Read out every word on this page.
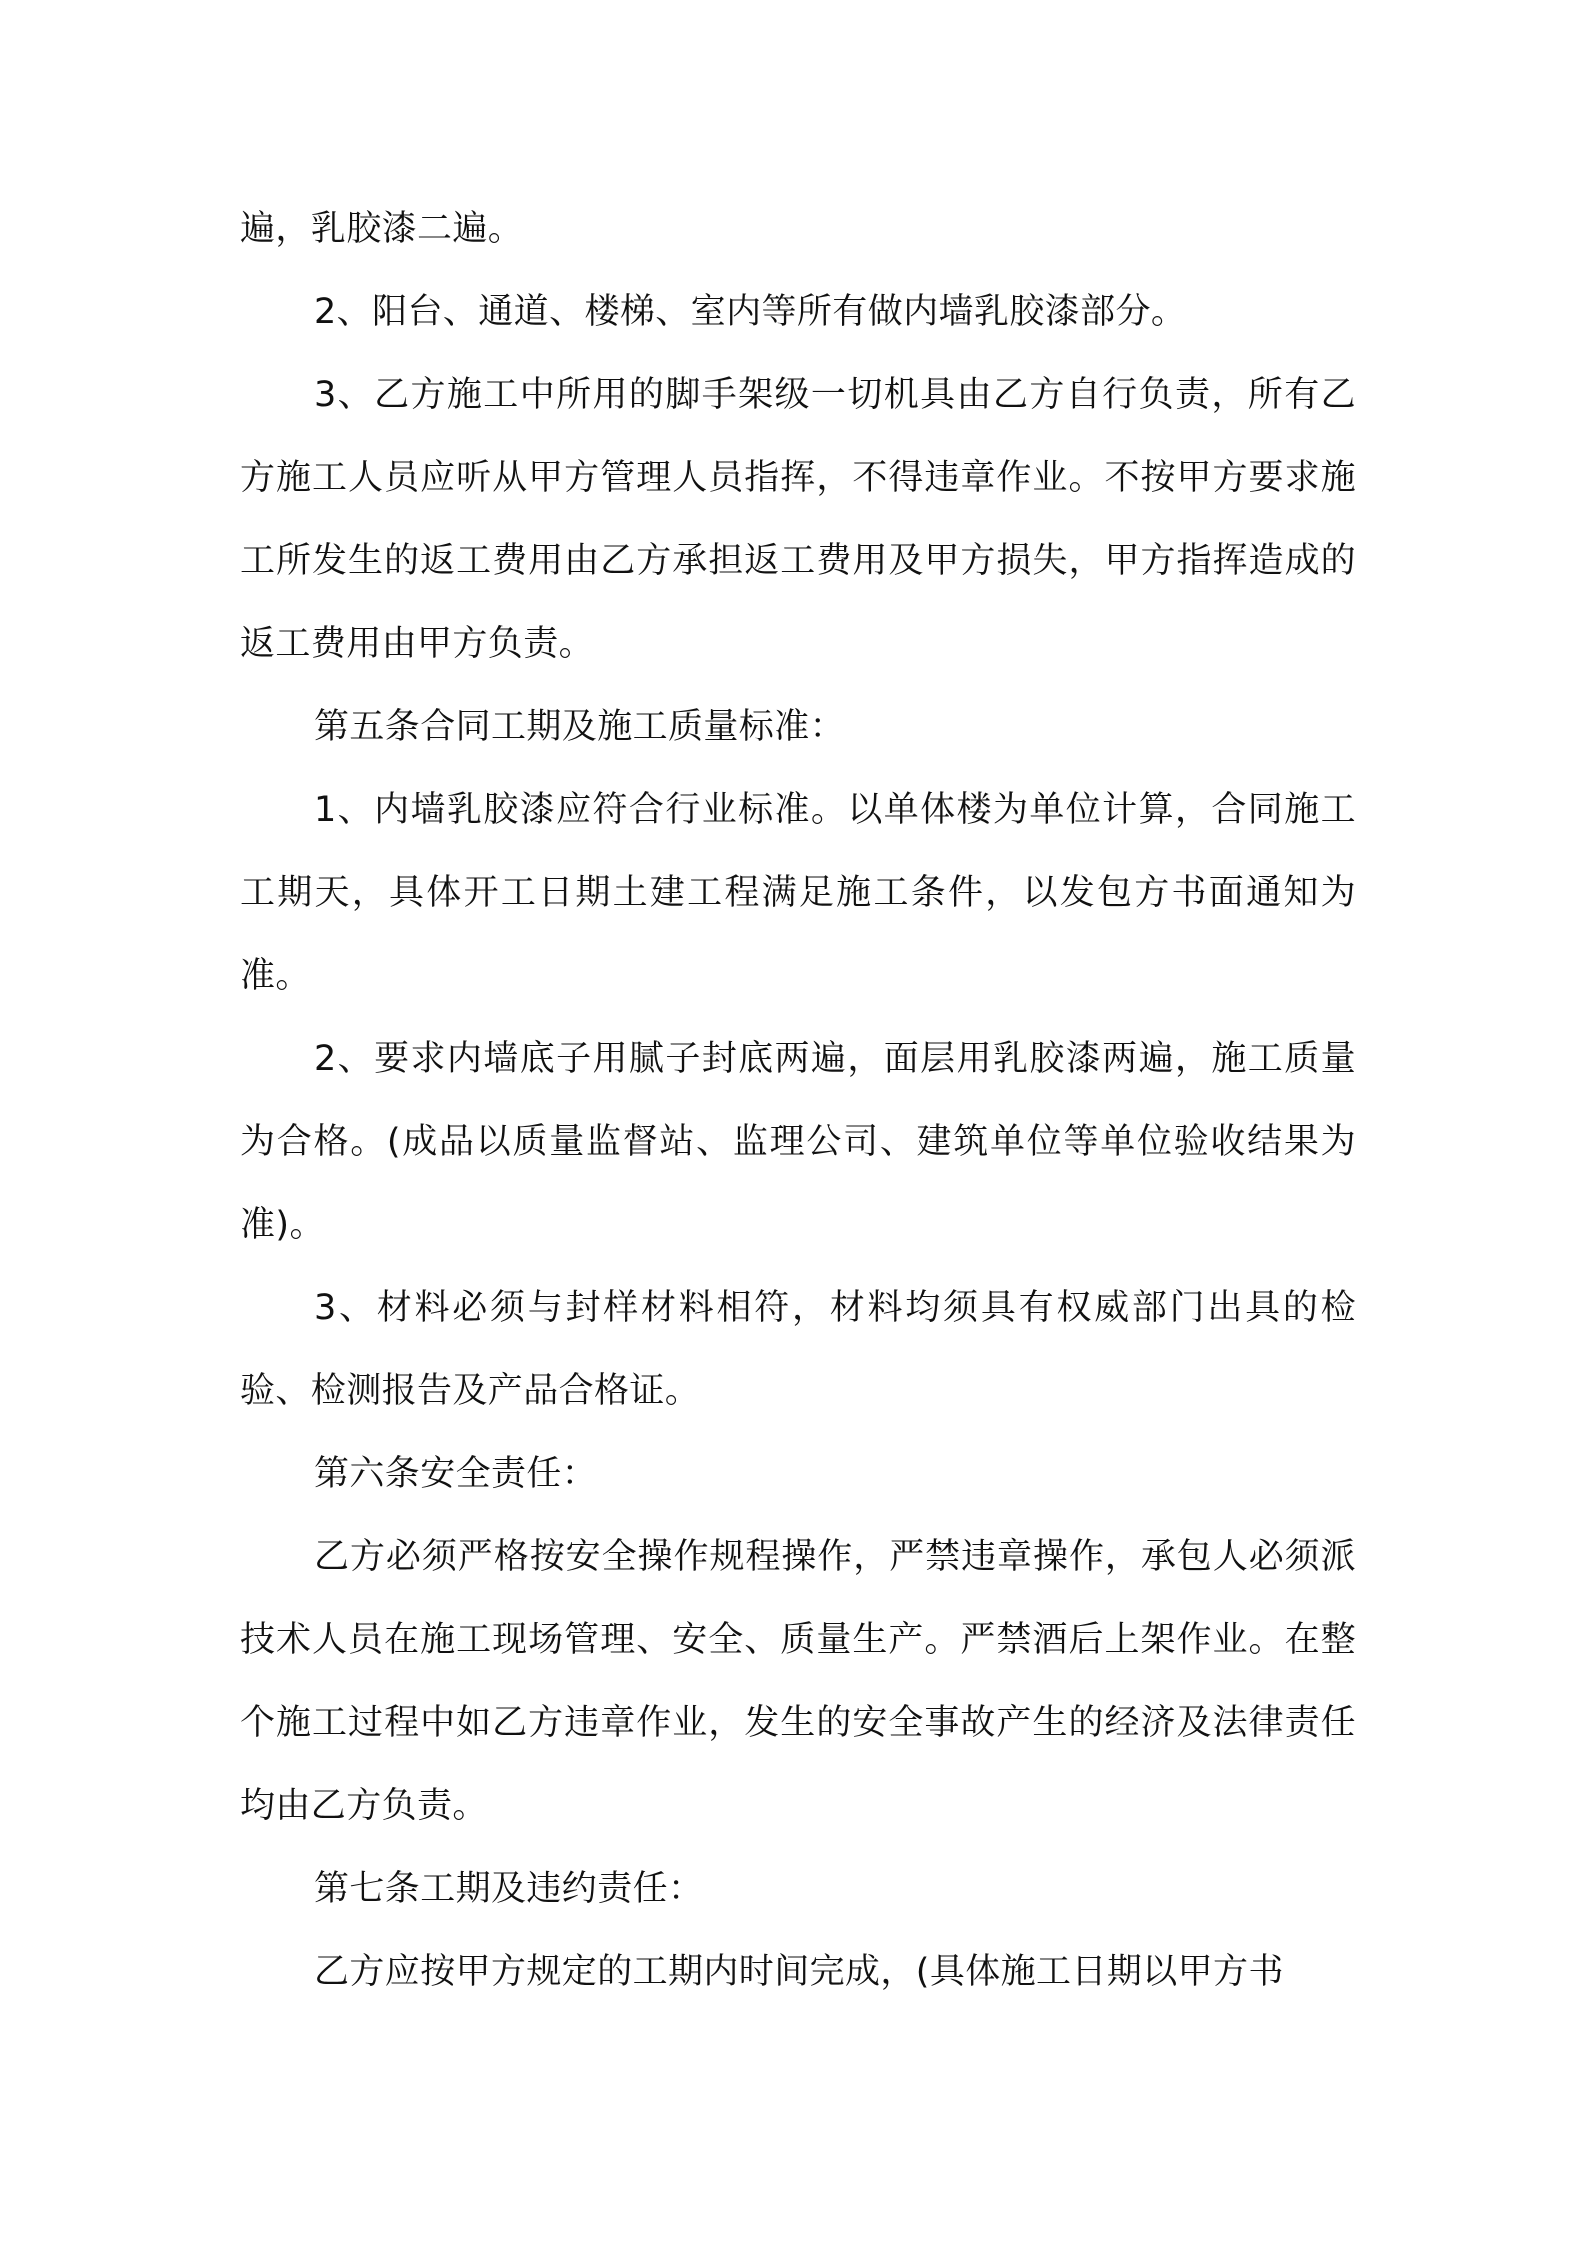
遍，乳胶漆二遍。

2、阳台、通道、楼梯、室内等所有做内墙乳胶漆部分。

3、乙方施工中所用的脚手架级一切机具由乙方自行负责，所有乙方施工人员应听从甲方管理人员指挥，不得违章作业。不按甲方要求施工所发生的返工费用由乙方承担返工费用及甲方损失，甲方指挥造成的返工费用由甲方负责。

第五条合同工期及施工质量标准：

1、内墙乳胶漆应符合行业标准。以单体楼为单位计算，合同施工工期天，具体开工日期土建工程满足施工条件，以发包方书面通知为准。

2、要求内墙底子用腻子封底两遍，面层用乳胶漆两遍，施工质量为合格。(成品以质量监督站、监理公司、建筑单位等单位验收结果为准)。

3、材料必须与封样材料相符，材料均须具有权威部门出具的检验、检测报告及产品合格证。

第六条安全责任：

乙方必须严格按安全操作规程操作，严禁违章操作，承包人必须派技术人员在施工现场管理、安全、质量生产。严禁酒后上架作业。在整个施工过程中如乙方违章作业，发生的安全事故产生的经济及法律责任均由乙方负责。

第七条工期及违约责任：

乙方应按甲方规定的工期内时间完成，(具体施工日期以甲方书
